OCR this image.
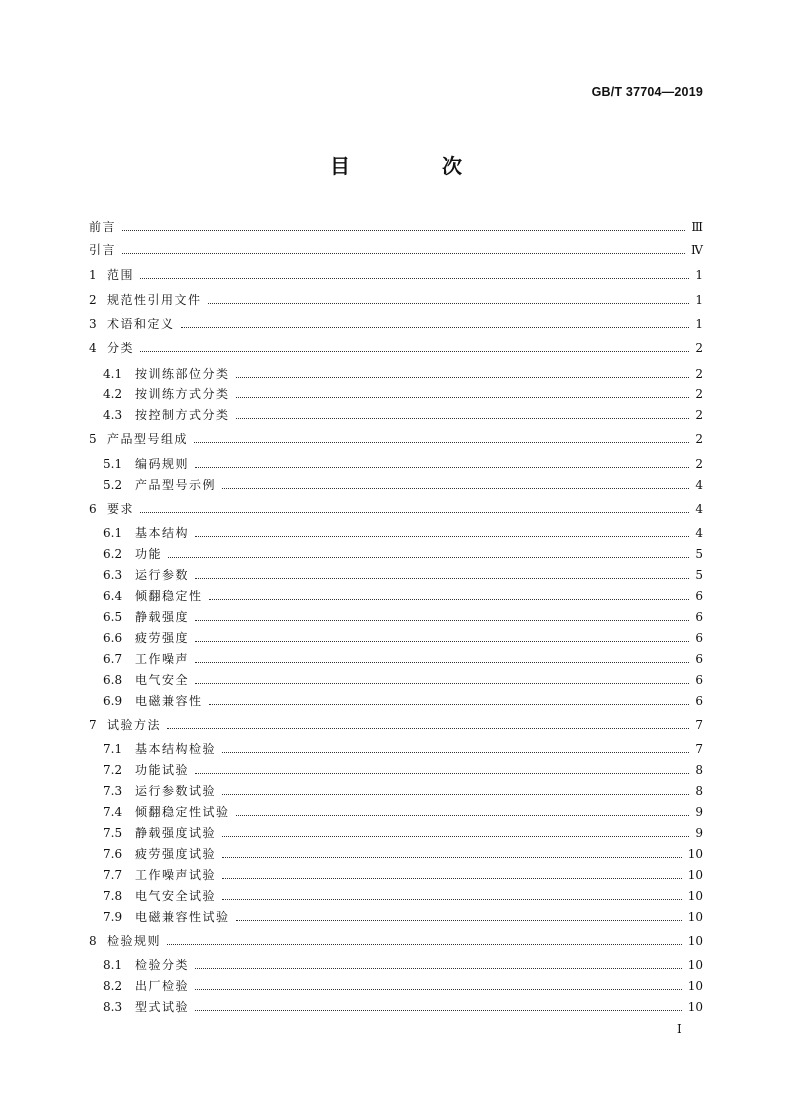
GB/T 37704—2019
目　次
前言	Ⅲ
引言	Ⅳ
1 范围	1
2 规范性引用文件	1
3 术语和定义	1
4 分类	2
4.1	按训练部位分类	2
4.2	按训练方式分类	2
4.3	按控制方式分类	2
5 产品型号组成	2
5.1	编码规则	2
5.2	产品型号示例	4
6 要求	4
6.1	基本结构	4
6.2	功能	5
6.3	运行参数	5
6.4	倾翻稳定性	6
6.5	静载强度	6
6.6	疲劳强度	6
6.7	工作噪声	6
6.8	电气安全	6
6.9	电磁兼容性	6
7 试验方法	7
7.1	基本结构检验	7
7.2	功能试验	8
7.3	运行参数试验	8
7.4	倾翻稳定性试验	9
7.5	静载强度试验	9
7.6	疲劳强度试验	10
7.7	工作噪声试验	10
7.8	电气安全试验	10
7.9	电磁兼容性试验	10
8 检验规则	10
8.1	检验分类	10
8.2	出厂检验	10
8.3	型式试验	10
I
